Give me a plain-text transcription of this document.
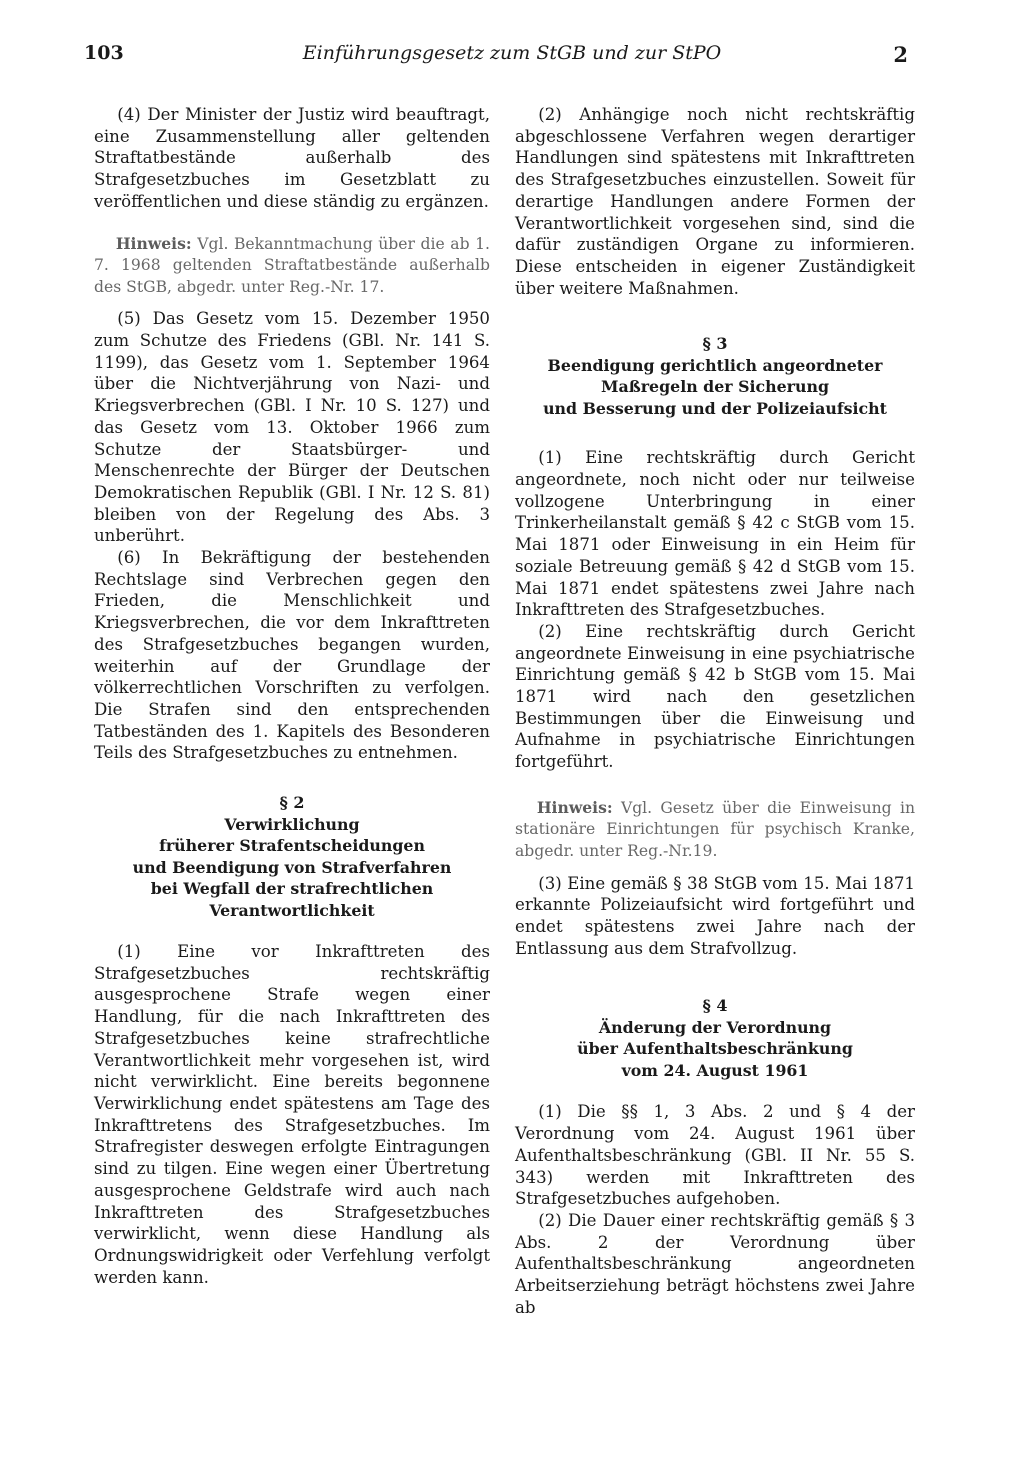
103	Einführungsgesetz zum StGB und zur StPO	2

(4) Der Minister der Justiz wird beauftragt, eine Zusammenstellung aller geltenden Straftatbestände außerhalb des Strafgesetzbuches im Gesetzblatt zu veröffentlichen und diese ständig zu ergänzen.

Hinweis: Vgl. Bekanntmachung über die ab 1. 7. 1968 geltenden Straftatbestände außerhalb des StGB, abgedr. unter Reg.-Nr. 17.

(5) Das Gesetz vom 15. Dezember 1950 zum Schutze des Friedens (GBl. Nr. 141 S. 1199), das Gesetz vom 1. September 1964 über die Nichtverjährung von Nazi- und Kriegsverbrechen (GBl. I Nr. 10 S. 127) und das Gesetz vom 13. Oktober 1966 zum Schutze der Staatsbürger- und Menschenrechte der Bürger der Deutschen Demokratischen Republik (GBl. I Nr. 12 S. 81) bleiben von der Regelung des Abs. 3 unberührt.

(6) In Bekräftigung der bestehenden Rechtslage sind Verbrechen gegen den Frieden, die Menschlichkeit und Kriegsverbrechen, die vor dem Inkrafttreten des Strafgesetzbuches begangen wurden, weiterhin auf der Grundlage der völkerrechtlichen Vorschriften zu verfolgen. Die Strafen sind den entsprechenden Tatbeständen des 1. Kapitels des Besonderen Teils des Strafgesetzbuches zu entnehmen.

§ 2
Verwirklichung
früherer Strafentscheidungen
und Beendigung von Strafverfahren
bei Wegfall der strafrechtlichen
Verantwortlichkeit

(1) Eine vor Inkrafttreten des Strafgesetzbuches rechtskräftig ausgesprochene Strafe wegen einer Handlung, für die nach Inkrafttreten des Strafgesetzbuches keine strafrechtliche Verantwortlichkeit mehr vorgesehen ist, wird nicht verwirklicht. Eine bereits begonnene Verwirklichung endet spätestens am Tage des Inkrafttretens des Strafgesetzbuches. Im Strafregister deswegen erfolgte Eintragungen sind zu tilgen. Eine wegen einer Übertretung ausgesprochene Geldstrafe wird auch nach Inkrafttreten des Strafgesetzbuches verwirklicht, wenn diese Handlung als Ordnungswidrigkeit oder Verfehlung verfolgt werden kann.

(2) Anhängige noch nicht rechtskräftig abgeschlossene Verfahren wegen derartiger Handlungen sind spätestens mit Inkrafttreten des Strafgesetzbuches einzustellen. Soweit für derartige Handlungen andere Formen der Verantwortlichkeit vorgesehen sind, sind die dafür zuständigen Organe zu informieren. Diese entscheiden in eigener Zuständigkeit über weitere Maßnahmen.

§ 3
Beendigung gerichtlich angeordneter
Maßregeln der Sicherung
und Besserung und der Polizeiaufsicht

(1) Eine rechtskräftig durch Gericht angeordnete, noch nicht oder nur teilweise vollzogene Unterbringung in einer Trinkerheilanstalt gemäß § 42 c StGB vom 15. Mai 1871 oder Einweisung in ein Heim für soziale Betreuung gemäß § 42 d StGB vom 15. Mai 1871 endet spätestens zwei Jahre nach Inkrafttreten des Strafgesetzbuches.

(2) Eine rechtskräftig durch Gericht angeordnete Einweisung in eine psychiatrische Einrichtung gemäß § 42 b StGB vom 15. Mai 1871 wird nach den gesetzlichen Bestimmungen über die Einweisung und Aufnahme in psychiatrische Einrichtungen fortgeführt.

Hinweis: Vgl. Gesetz über die Einweisung in stationäre Einrichtungen für psychisch Kranke, abgedr. unter Reg.-Nr.19.

(3) Eine gemäß § 38 StGB vom 15. Mai 1871 erkannte Polizeiaufsicht wird fortgeführt und endet spätestens zwei Jahre nach der Entlassung aus dem Strafvollzug.

§ 4
Änderung der Verordnung
über Aufenthaltsbeschränkung
vom 24. August 1961

(1) Die §§ 1, 3 Abs. 2 und § 4 der Verordnung vom 24. August 1961 über Aufenthaltsbeschränkung (GBl. II Nr. 55 S. 343) werden mit Inkrafttreten des Strafgesetzbuches aufgehoben.

(2) Die Dauer einer rechtskräftig gemäß § 3 Abs. 2 der Verordnung über Aufenthaltsbeschränkung angeordneten Arbeitserziehung beträgt höchstens zwei Jahre ab
